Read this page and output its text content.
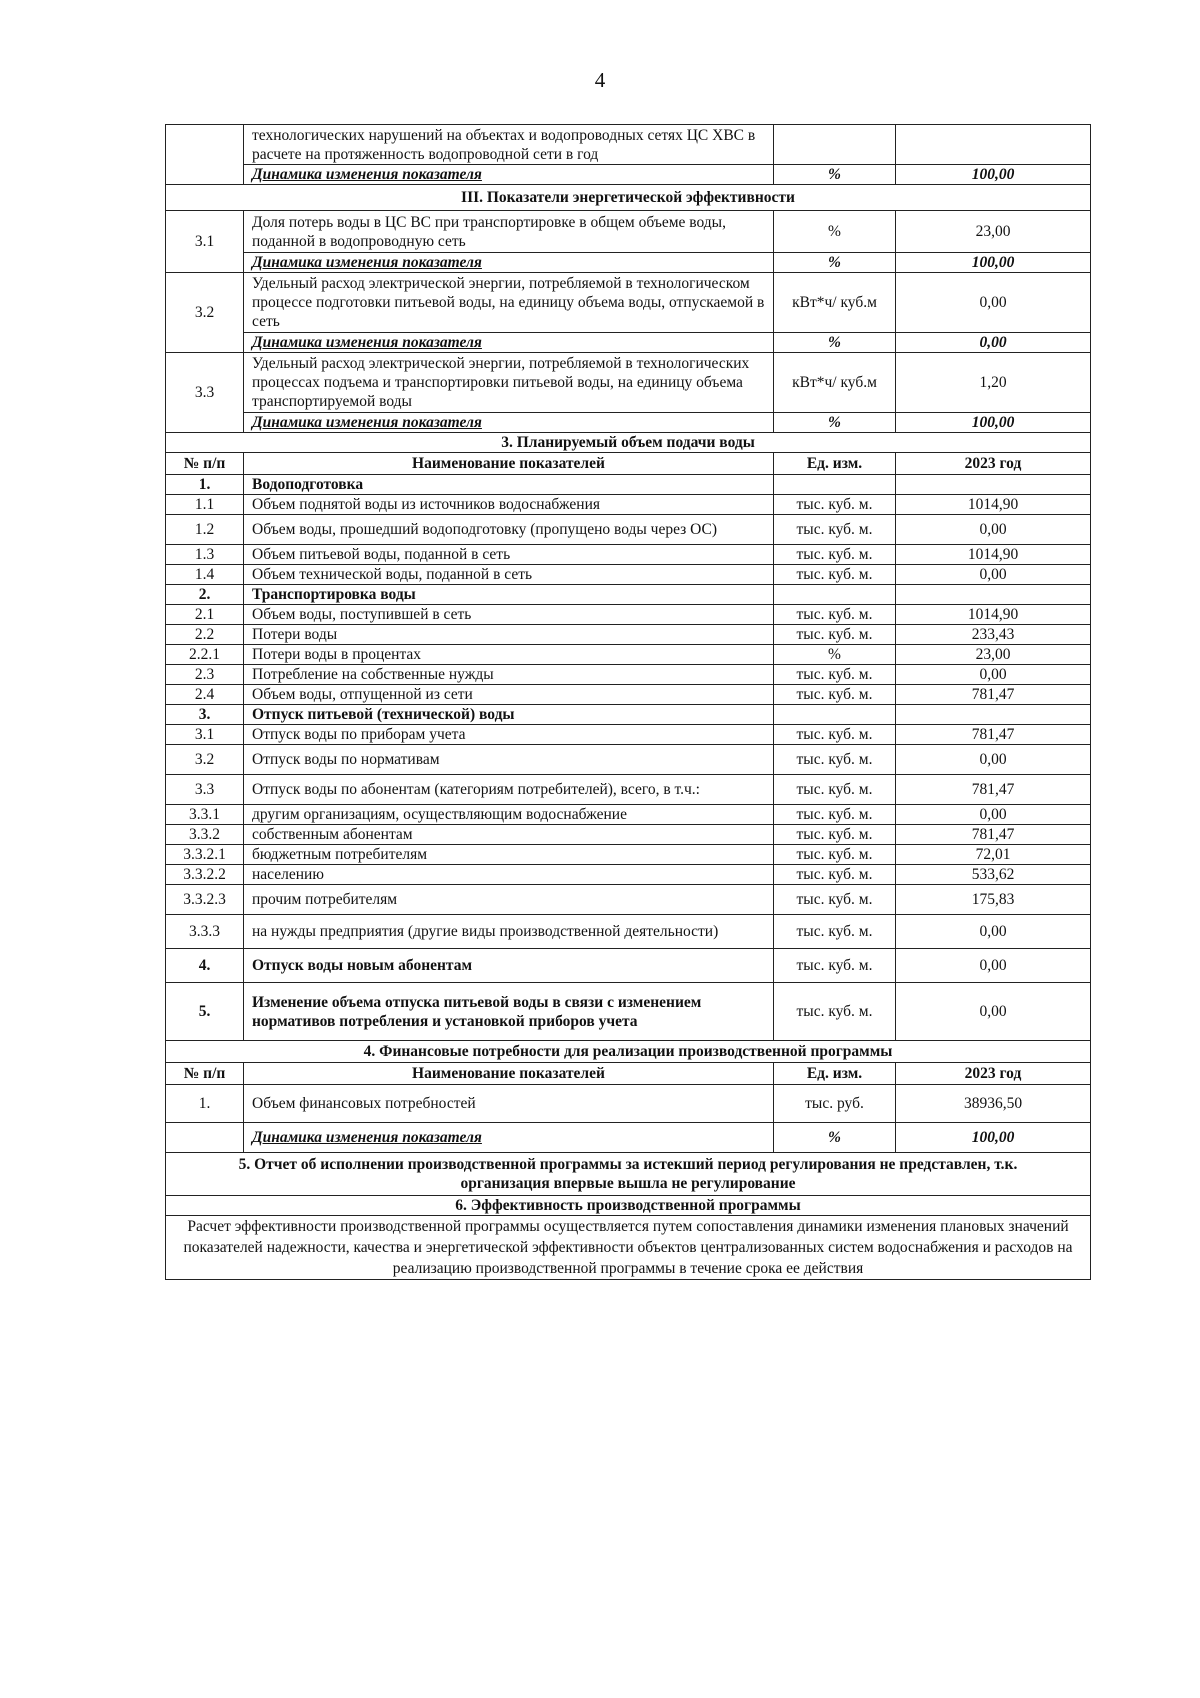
4
	технологических нарушений на объектах и водопроводных сетях ЦС ХВС в расчете на протяженность водопроводной сети в год		
	Динамика изменения показателя	%	100,00
III. Показатели энергетической эффективности			
3.1	Доля потерь воды в ЦС ВС при транспортировке в общем объеме воды, поданной в водопроводную сеть	%	23,00
	Динамика изменения показателя	%	100,00
3.2	Удельный расход электрической энергии, потребляемой в технологическом процессе подготовки питьевой воды, на единицу объема воды, отпускаемой в сеть	кВт*ч/ куб.м	0,00
	Динамика изменения показателя	%	0,00
3.3	Удельный расход электрической энергии, потребляемой в технологических процессах подъема и транспортировки питьевой воды, на единицу объема транспортируемой воды	кВт*ч/ куб.м	1,20
	Динамика изменения показателя	%	100,00
3. Планируемый объем подачи воды			
№ п/п	Наименование показателей	Ед. изм.	2023 год
1.	Водоподготовка		
1.1	Объем поднятой воды из источников водоснабжения	тыс. куб. м.	1014,90
1.2	Объем воды, прошедший водоподготовку (пропущено воды через ОС)	тыс. куб. м.	0,00
1.3	Объем питьевой воды, поданной в сеть	тыс. куб. м.	1014,90
1.4	Объем технической воды, поданной в сеть	тыс. куб. м.	0,00
2.	Транспортировка воды		
2.1	Объем воды, поступившей в сеть	тыс. куб. м.	1014,90
2.2	Потери воды	тыс. куб. м.	233,43
2.2.1	Потери воды в процентах	%	23,00
2.3	Потребление на собственные нужды	тыс. куб. м.	0,00
2.4	Объем воды, отпущенной из сети	тыс. куб. м.	781,47
3.	Отпуск питьевой (технической) воды		
3.1	Отпуск воды по приборам учета	тыс. куб. м.	781,47
3.2	Отпуск воды по нормативам	тыс. куб. м.	0,00
3.3	Отпуск воды по абонентам (категориям потребителей), всего, в т.ч.:	тыс. куб. м.	781,47
3.3.1	другим организациям, осуществляющим водоснабжение	тыс. куб. м.	0,00
3.3.2	собственным абонентам	тыс. куб. м.	781,47
3.3.2.1	бюджетным потребителям	тыс. куб. м.	72,01
3.3.2.2	населению	тыс. куб. м.	533,62
3.3.2.3	прочим потребителям	тыс. куб. м.	175,83
3.3.3	на нужды предприятия (другие виды производственной деятельности)	тыс. куб. м.	0,00
4.	Отпуск воды новым абонентам	тыс. куб. м.	0,00
5.	Изменение объема отпуска питьевой воды в связи с изменением нормативов потребления и установкой приборов учета	тыс. куб. м.	0,00
4. Финансовые потребности для реализации производственной программы			
№ п/п	Наименование показателей	Ед. изм.	2023 год
1.	Объем финансовых потребностей	тыс. руб.	38936,50
	Динамика изменения показателя	%	100,00
5. Отчет об исполнении производственной программы за истекший период регулирования не представлен, т.к. организация впервые вышла не регулирование			
6. Эффективность производственной программы			
Расчет эффективности производственной программы осуществляется путем сопоставления динамики изменения плановых значений показателей надежности, качества и энергетической эффективности объектов централизованных систем водоснабжения и расходов на реализацию производственной программы в течение срока ее действия			
